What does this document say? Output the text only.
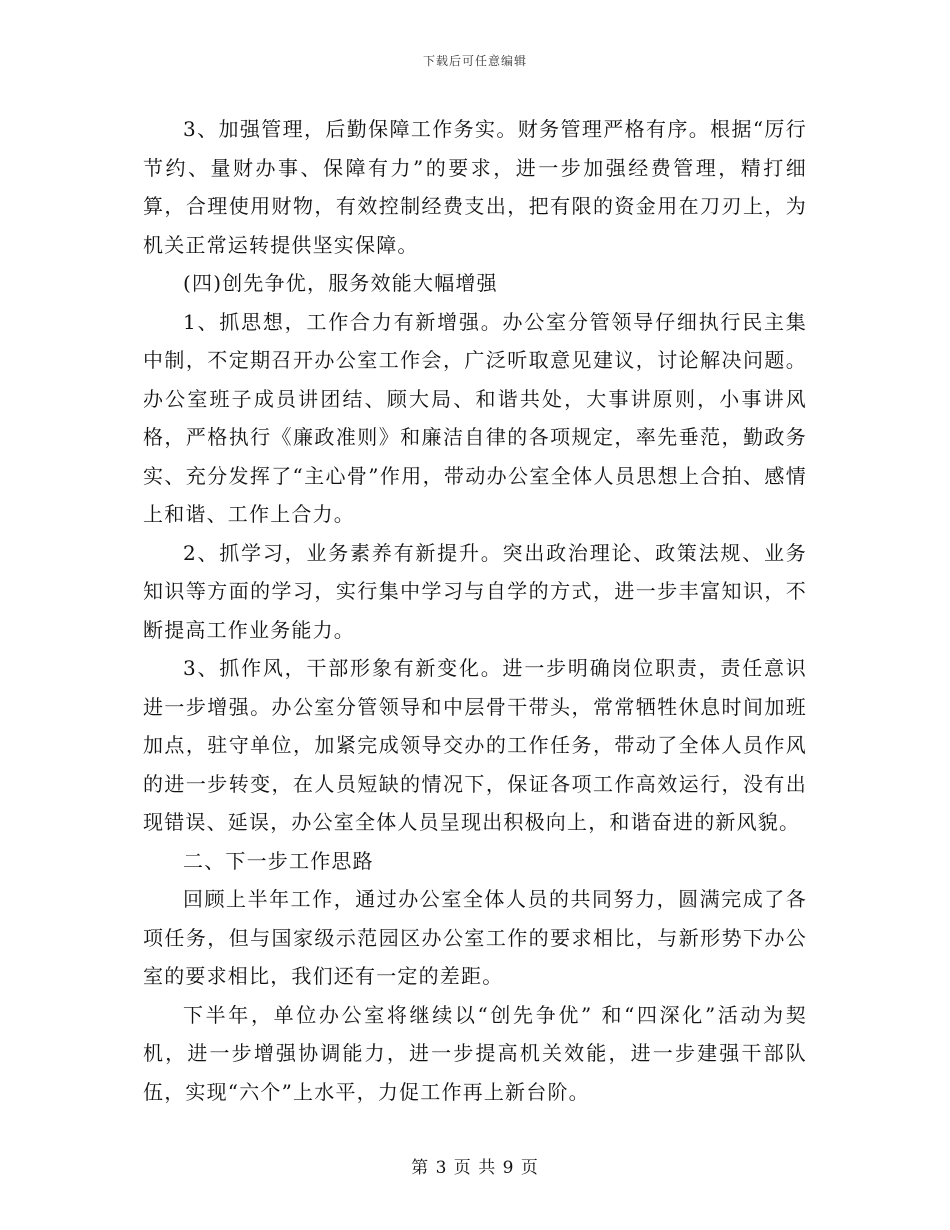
下载后可任意编辑

3、加强管理，后勤保障工作务实。财务管理严格有序。根据“厉行节约、量财办事、保障有力”的要求，进一步加强经费管理，精打细算，合理使用财物，有效控制经费支出，把有限的资金用在刀刃上，为机关正常运转提供坚实保障。

(四)创先争优，服务效能大幅增强

1、抓思想，工作合力有新增强。办公室分管领导仔细执行民主集中制，不定期召开办公室工作会，广泛听取意见建议，讨论解决问题。办公室班子成员讲团结、顾大局、和谐共处，大事讲原则，小事讲风格，严格执行《廉政准则》和廉洁自律的各项规定，率先垂范，勤政务实、充分发挥了“主心骨”作用，带动办公室全体人员思想上合拍、感情上和谐、工作上合力。

2、抓学习，业务素养有新提升。突出政治理论、政策法规、业务知识等方面的学习，实行集中学习与自学的方式，进一步丰富知识，不断提高工作业务能力。

3、抓作风，干部形象有新变化。进一步明确岗位职责，责任意识进一步增强。办公室分管领导和中层骨干带头，常常牺牲休息时间加班加点，驻守单位，加紧完成领导交办的工作任务，带动了全体人员作风的进一步转变，在人员短缺的情况下，保证各项工作高效运行，没有出现错误、延误，办公室全体人员呈现出积极向上，和谐奋进的新风貌。

二、下一步工作思路

回顾上半年工作，通过办公室全体人员的共同努力，圆满完成了各项任务，但与国家级示范园区办公室工作的要求相比，与新形势下办公室的要求相比，我们还有一定的差距。

下半年，单位办公室将继续以“创先争优” 和“四深化”活动为契机，进一步增强协调能力，进一步提高机关效能，进一步建强干部队伍，实现“六个”上水平，力促工作再上新台阶。

第 3 页 共 9 页
